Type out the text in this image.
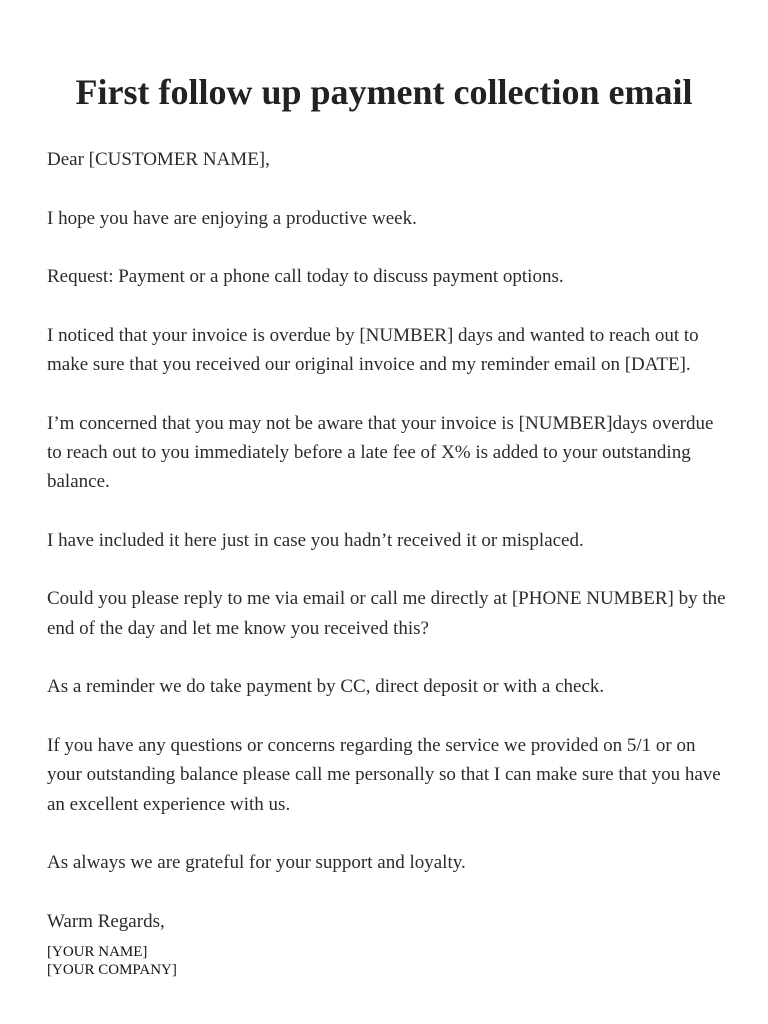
First follow up payment collection email

Dear [CUSTOMER NAME],

I hope you have are enjoying a productive week.

Request: Payment or a phone call today to discuss payment options.

I noticed that your invoice is overdue by [NUMBER] days and wanted to reach out to make sure that you received our original invoice and my reminder email on [DATE].

I’m concerned that you may not be aware that your invoice is [NUMBER]days overdue to reach out to you immediately before a late fee of X% is added to your outstanding balance.

I have included it here just in case you hadn’t received it or misplaced.

Could you please reply to me via email or call me directly at [PHONE NUMBER] by the end of the day and let me know you received this?

As a reminder we do take payment by CC, direct deposit or with a check.

If you have any questions or concerns regarding the service we provided on 5/1 or on your outstanding balance please call me personally so that I can make sure that you have an excellent experience with us.

As always we are grateful for your support and loyalty.

Warm Regards,

[YOUR NAME]
[YOUR COMPANY]
